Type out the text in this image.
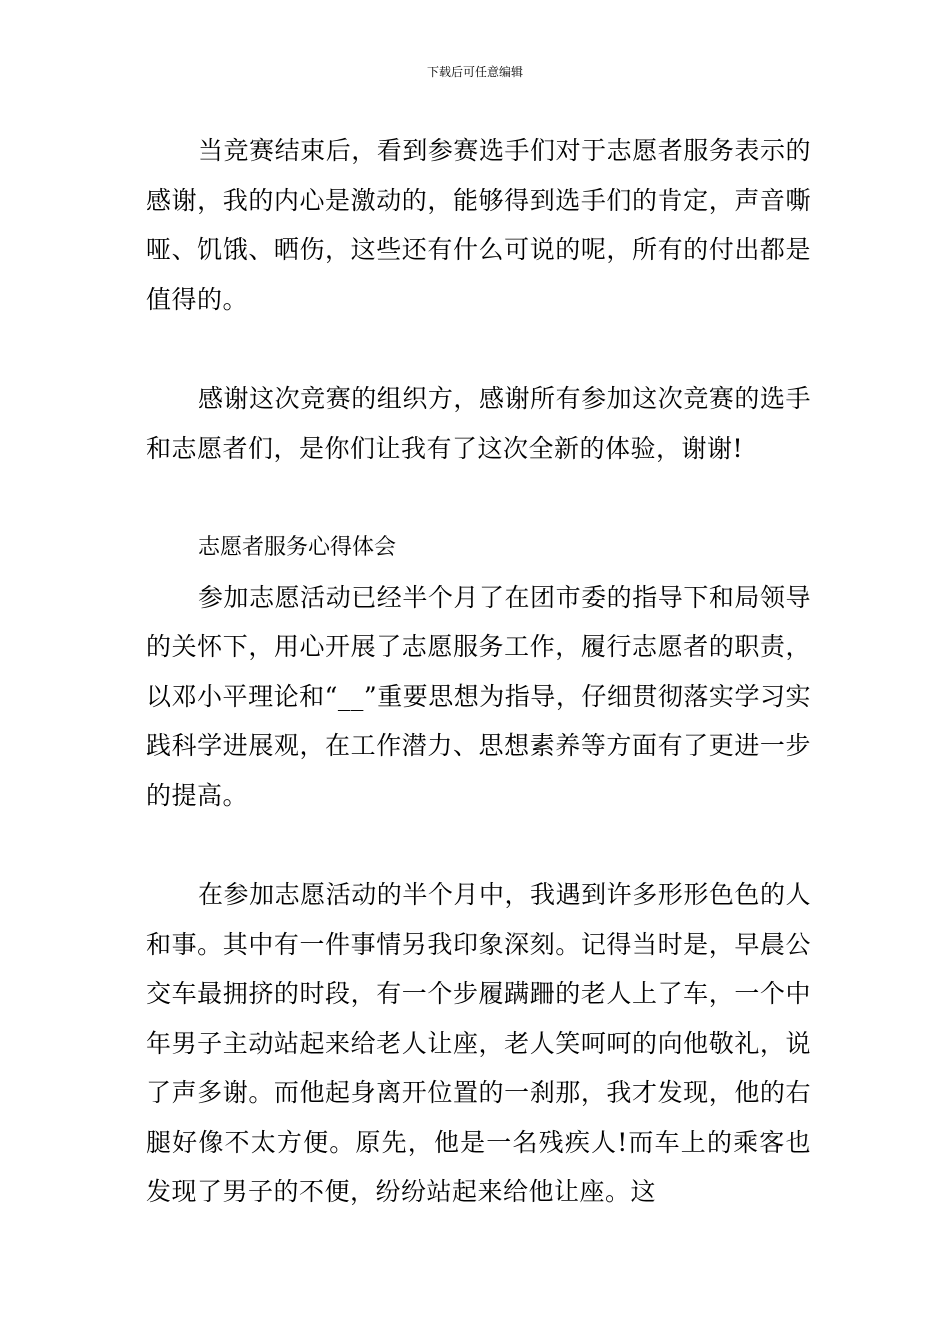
下载后可任意编辑

当竞赛结束后，看到参赛选手们对于志愿者服务表示的感谢，我的内心是激动的，能够得到选手们的肯定，声音嘶哑、饥饿、晒伤，这些还有什么可说的呢，所有的付出都是值得的。

感谢这次竞赛的组织方，感谢所有参加这次竞赛的选手和志愿者们，是你们让我有了这次全新的体验，谢谢!

志愿者服务心得体会

参加志愿活动已经半个月了在团市委的指导下和局领导的关怀下，用心开展了志愿服务工作，履行志愿者的职责，以邓小平理论和“__”重要思想为指导，仔细贯彻落实学习实践科学进展观，在工作潜力、思想素养等方面有了更进一步的提高。

在参加志愿活动的半个月中，我遇到许多形形色色的人和事。其中有一件事情另我印象深刻。记得当时是，早晨公交车最拥挤的时段，有一个步履蹒跚的老人上了车，一个中年男子主动站起来给老人让座，老人笑呵呵的向他敬礼，说了声多谢。而他起身离开位置的一刹那，我才发现，他的右腿好像不太方便。原先，他是一名残疾人!而车上的乘客也发现了男子的不便，纷纷站起来给他让座。这
